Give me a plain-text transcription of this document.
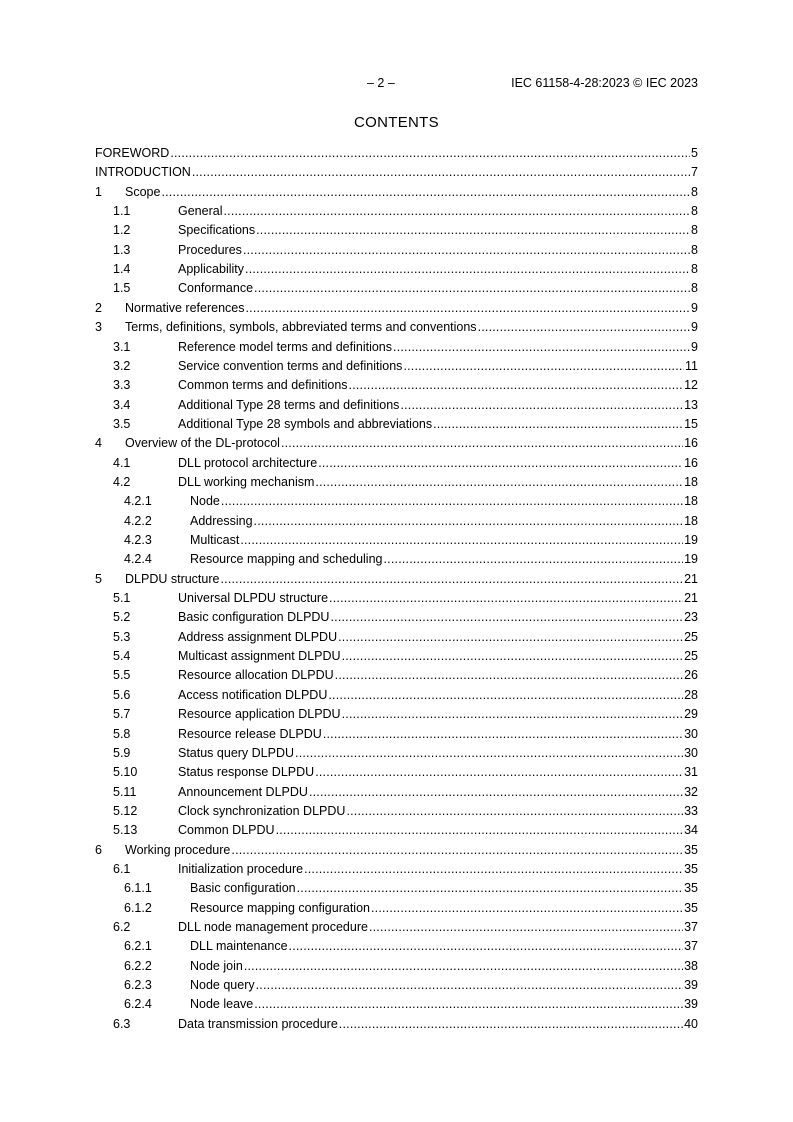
– 2 –	IEC 61158-4-28:2023 © IEC 2023
CONTENTS
FOREWORD .....	5
INTRODUCTION .....	7
1	Scope .....	8
1.1	General .....	8
1.2	Specifications .....	8
1.3	Procedures .....	8
1.4	Applicability .....	8
1.5	Conformance .....	8
2	Normative references .....	9
3	Terms, definitions, symbols, abbreviated terms and conventions .....	9
3.1	Reference model terms and definitions .....	9
3.2	Service convention terms and definitions .....	11
3.3	Common terms and definitions .....	12
3.4	Additional Type 28 terms and definitions .....	13
3.5	Additional Type 28 symbols and abbreviations .....	15
4	Overview of the DL-protocol .....	16
4.1	DLL protocol architecture .....	16
4.2	DLL working mechanism .....	18
4.2.1	Node .....	18
4.2.2	Addressing .....	18
4.2.3	Multicast .....	19
4.2.4	Resource mapping and scheduling .....	19
5	DLPDU structure .....	21
5.1	Universal DLPDU structure .....	21
5.2	Basic configuration DLPDU .....	23
5.3	Address assignment DLPDU .....	25
5.4	Multicast assignment DLPDU .....	25
5.5	Resource allocation DLPDU .....	26
5.6	Access notification DLPDU .....	28
5.7	Resource application DLPDU .....	29
5.8	Resource release DLPDU .....	30
5.9	Status query DLPDU .....	30
5.10	Status response DLPDU .....	31
5.11	Announcement DLPDU .....	32
5.12	Clock synchronization DLPDU .....	33
5.13	Common DLPDU .....	34
6	Working procedure .....	35
6.1	Initialization procedure .....	35
6.1.1	Basic configuration .....	35
6.1.2	Resource mapping configuration .....	35
6.2	DLL node management procedure .....	37
6.2.1	DLL maintenance .....	37
6.2.2	Node join .....	38
6.2.3	Node query .....	39
6.2.4	Node leave .....	39
6.3	Data transmission procedure .....	40
